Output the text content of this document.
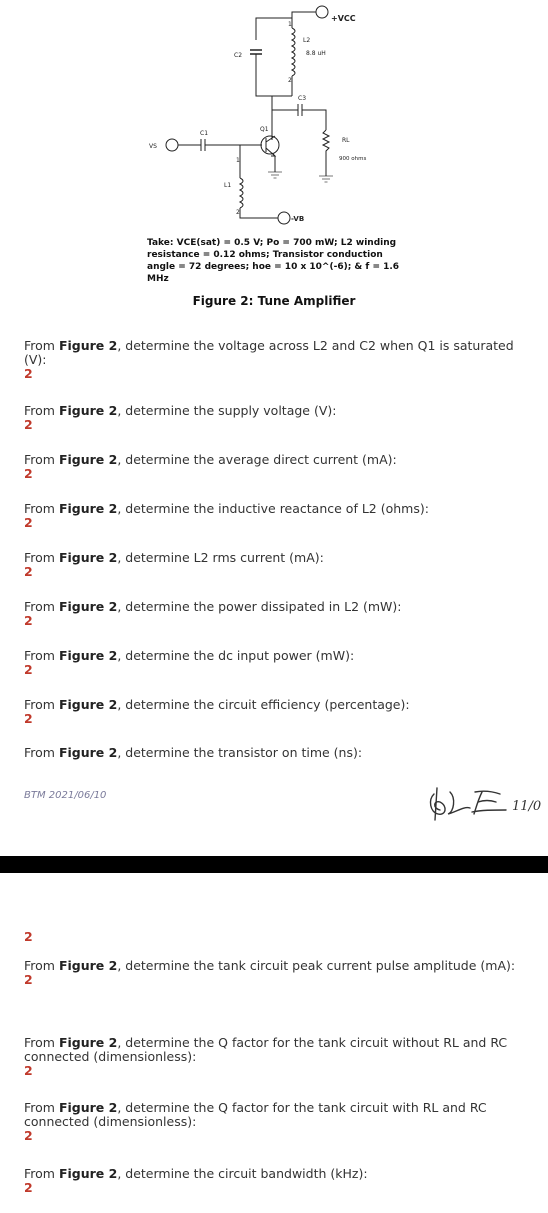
+VCC
-VB
VS
C1
C2
C3
L1
L2
8.8 uH
Q1
RL
900 ohms
1
2
1
2
Take: VCE(sat) = 0.5 V; Po = 700 mW; L2 winding resistance = 0.12 ohms; Transistor conduction angle = 72 degrees; hoe = 10 x 10^(-6); & f = 1.6 MHz
Figure 2: Tune Amplifier
From Figure 2, determine the voltage across L2 and C2 when Q1 is saturated (V):
2
From Figure 2, determine the supply voltage (V):
2
From Figure 2, determine the average direct current (mA):
2
From Figure 2, determine the inductive reactance of L2 (ohms):
2
From Figure 2, determine L2 rms current (mA):
2
From Figure 2, determine the power dissipated in L2 (mW):
2
From Figure 2, determine the dc input power (mW):
2
From Figure 2, determine the circuit efficiency (percentage):
2
From Figure 2, determine the transistor on time (ns):
BTM 2021/06/10
11/0
2
From Figure 2, determine the tank circuit peak current pulse amplitude (mA):
2
From Figure 2, determine the Q factor for the tank circuit without RL and RC connected (dimensionless):
2
From Figure 2, determine the Q factor for the tank circuit with RL and RC connected (dimensionless):
2
From Figure 2, determine the circuit bandwidth (kHz):
2
